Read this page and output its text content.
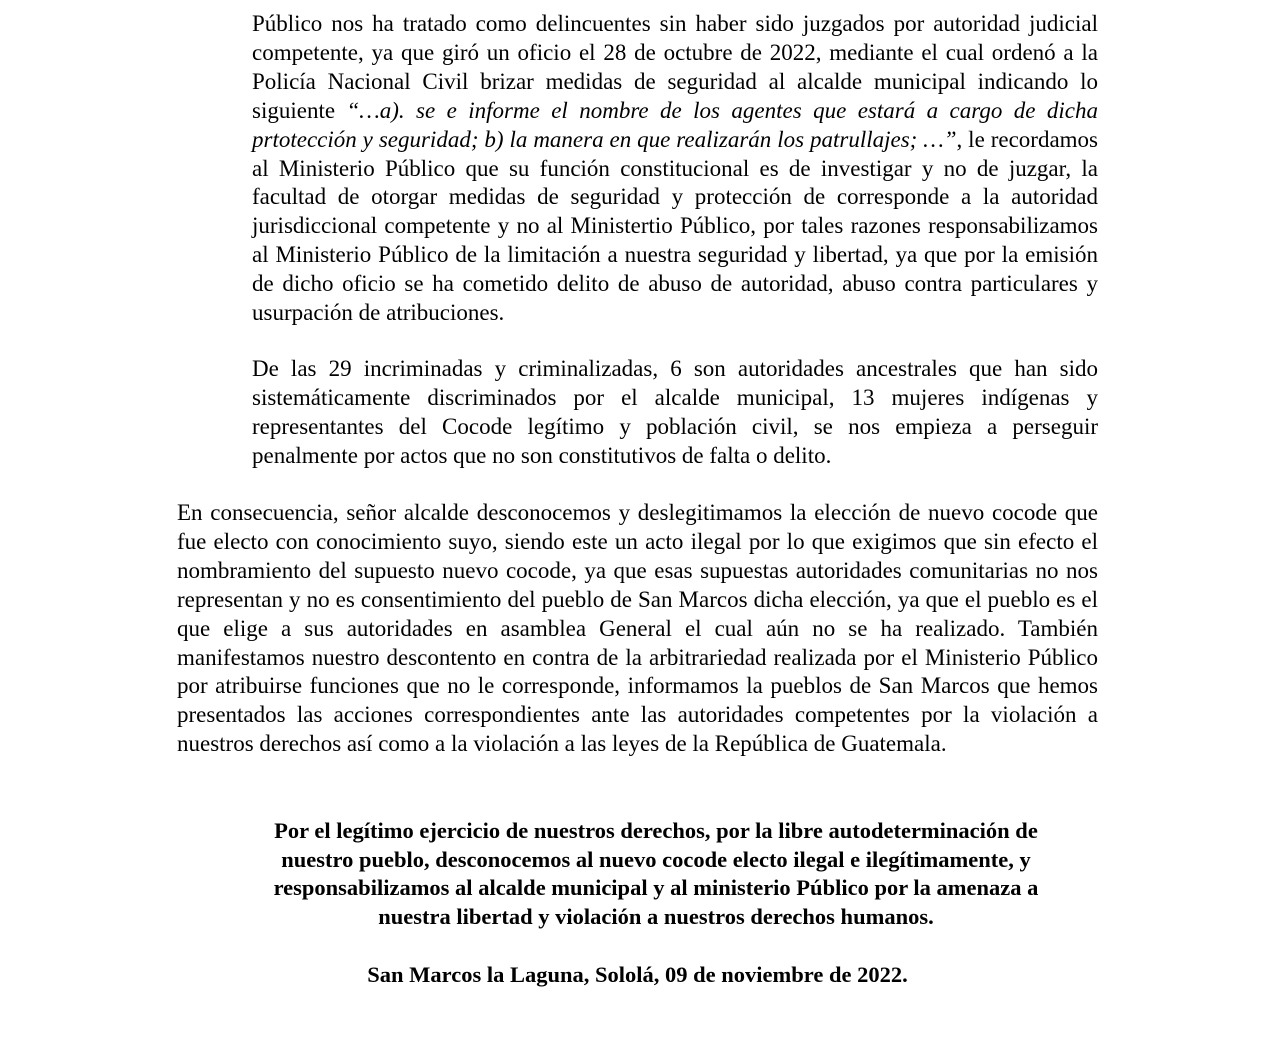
Público nos ha tratado como delincuentes sin haber sido juzgados por autoridad judicial competente, ya que giró un oficio el 28 de octubre de 2022, mediante el cual ordenó a la Policía Nacional Civil brizar medidas de seguridad al alcalde municipal indicando lo siguiente “…a). se e informe el nombre de los agentes que estará a cargo de dicha prtotección y seguridad; b) la manera en que realizarán los patrullajes; …”, le recordamos al Ministerio Público que su función constitucional es de investigar y no de juzgar, la facultad de otorgar medidas de seguridad y protección de corresponde a la autoridad jurisdiccional competente y no al Ministertio Público, por tales razones responsabilizamos al Ministerio Público de la limitación a nuestra seguridad y libertad, ya que por la emisión de dicho oficio se ha cometido delito de abuso de autoridad, abuso contra particulares y usurpación de atribuciones.

De las 29 incriminadas y criminalizadas, 6 son autoridades ancestrales que han sido sistemáticamente discriminados por el alcalde municipal, 13 mujeres indígenas y representantes del Cocode legítimo y población civil, se nos empieza a perseguir penalmente por actos que no son constitutivos de falta o delito.

En consecuencia, señor alcalde desconocemos y deslegitimamos la elección de nuevo cocode que fue electo con conocimiento suyo, siendo este un acto ilegal por lo que exigimos que sin efecto el nombramiento del supuesto nuevo cocode, ya que esas supuestas autoridades comunitarias no nos representan y no es consentimiento del pueblo de San Marcos dicha elección, ya que el pueblo es el que elige a sus autoridades en asamblea General el cual aún no se ha realizado. También manifestamos nuestro descontento en contra de la arbitrariedad realizada por el Ministerio Público por atribuirse funciones que no le corresponde, informamos la pueblos de San Marcos que hemos presentados las acciones correspondientes ante las autoridades competentes por la violación a nuestros derechos así como a la violación a las leyes de la República de Guatemala.

Por el legítimo ejercicio de nuestros derechos, por la libre autodeterminación de
nuestro pueblo, desconocemos al nuevo cocode electo ilegal e ilegítimamente, y
responsabilizamos al alcalde municipal y al ministerio Público por la amenaza a
nuestra libertad y violación a nuestros derechos humanos.

San Marcos la Laguna, Sololá, 09 de noviembre de 2022.
